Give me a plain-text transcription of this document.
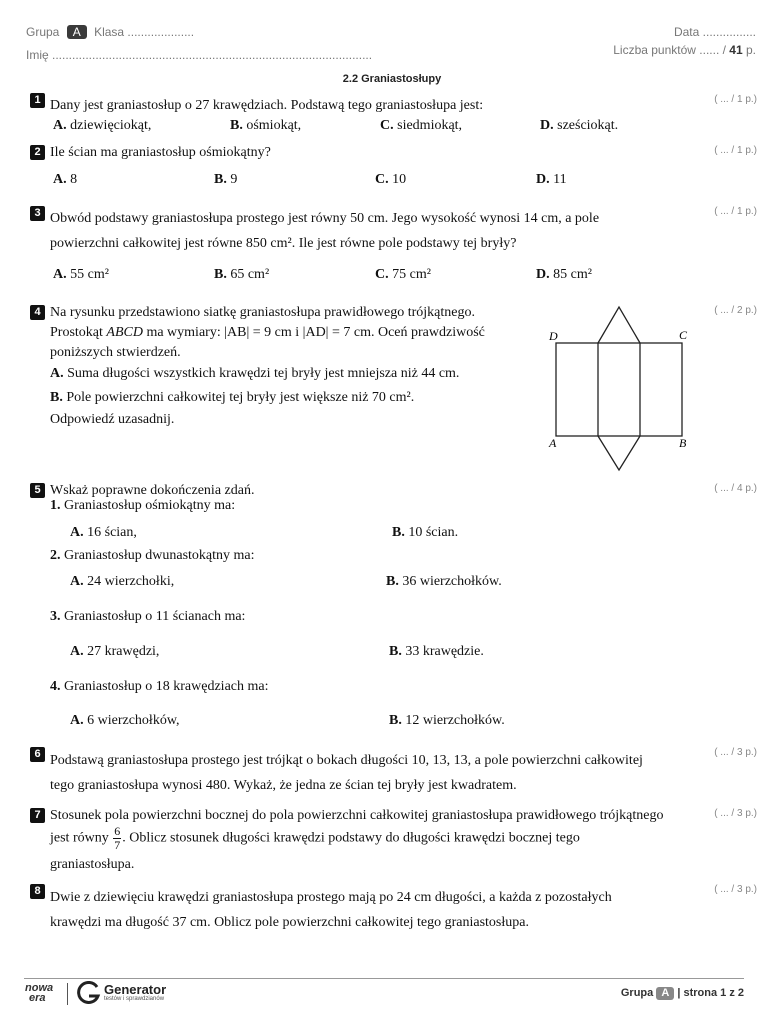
Grupa A Klasa ....................
Imię ................................................................................................
Data ................
Liczba punktów ...... / 41 p.
2.2 Graniastosłupy
1	( ... / 1 p.)
Dany jest graniastosłup o 27 krawędziach. Podstawą tego graniastosłupa jest:
A. dziewięciokąt,	B. ośmiokąt,	C. siedmiokąt,	D. sześciokąt.
2	( ... / 1 p.)
Ile ścian ma graniastosłup ośmiokątny?
A. 8	B. 9	C. 10	D. 11
3	( ... / 1 p.)
Obwód podstawy graniastosłupa prostego jest równy 50 cm. Jego wysokość wynosi 14 cm, a pole
powierzchni całkowitej jest równe 850 cm². Ile jest równe pole podstawy tej bryły?
A. 55 cm²	B. 65 cm²	C. 75 cm²	D. 85 cm²
4	( ... / 2 p.)
Na rysunku przedstawiono siatkę graniastosłupa prawidłowego trójkątnego.
Prostokąt ABCD ma wymiary: |AB| = 9 cm i |AD| = 7 cm. Oceń prawdziwość
poniższych stwierdzeń.
A. Suma długości wszystkich krawędzi tej bryły jest mniejsza niż 44 cm.
B. Pole powierzchni całkowitej tej bryły jest większe niż 70 cm².
Odpowiedź uzasadnij.
D	C
A	B
5	( ... / 4 p.)
Wskaż poprawne dokończenia zdań.
1. Graniastosłup ośmiokątny ma:
A. 16 ścian,	B. 10 ścian.
2. Graniastosłup dwunastokątny ma:
A. 24 wierzchołki,	B. 36 wierzchołków.
3. Graniastosłup o 11 ścianach ma:
A. 27 krawędzi,	B. 33 krawędzie.
4. Graniastosłup o 18 krawędziach ma:
A. 6 wierzchołków,	B. 12 wierzchołków.
6	( ... / 3 p.)
Podstawą graniastosłupa prostego jest trójkąt o bokach długości 10, 13, 13, a pole powierzchni całkowitej
tego graniastosłupa wynosi 480. Wykaż, że jedna ze ścian tej bryły jest kwadratem.
7	( ... / 3 p.)
Stosunek pola powierzchni bocznej do pola powierzchni całkowitej graniastosłupa prawidłowego trójkątnego
jest równy $\frac{6}{7}$ . Oblicz stosunek długości krawędzi podstawy do długości krawędzi bocznej tego
graniastosłupa.
8	( ... / 3 p.)
Dwie z dziewięciu krawędzi graniastosłupa prostego mają po 24 cm długości, a każda z pozostałych
krawędzi ma długość 37 cm. Oblicz pole powierzchni całkowitej tego graniastosłupa.
nowa
era
Generator
testów i sprawdzianów	Grupa A | strona 1 z 2
